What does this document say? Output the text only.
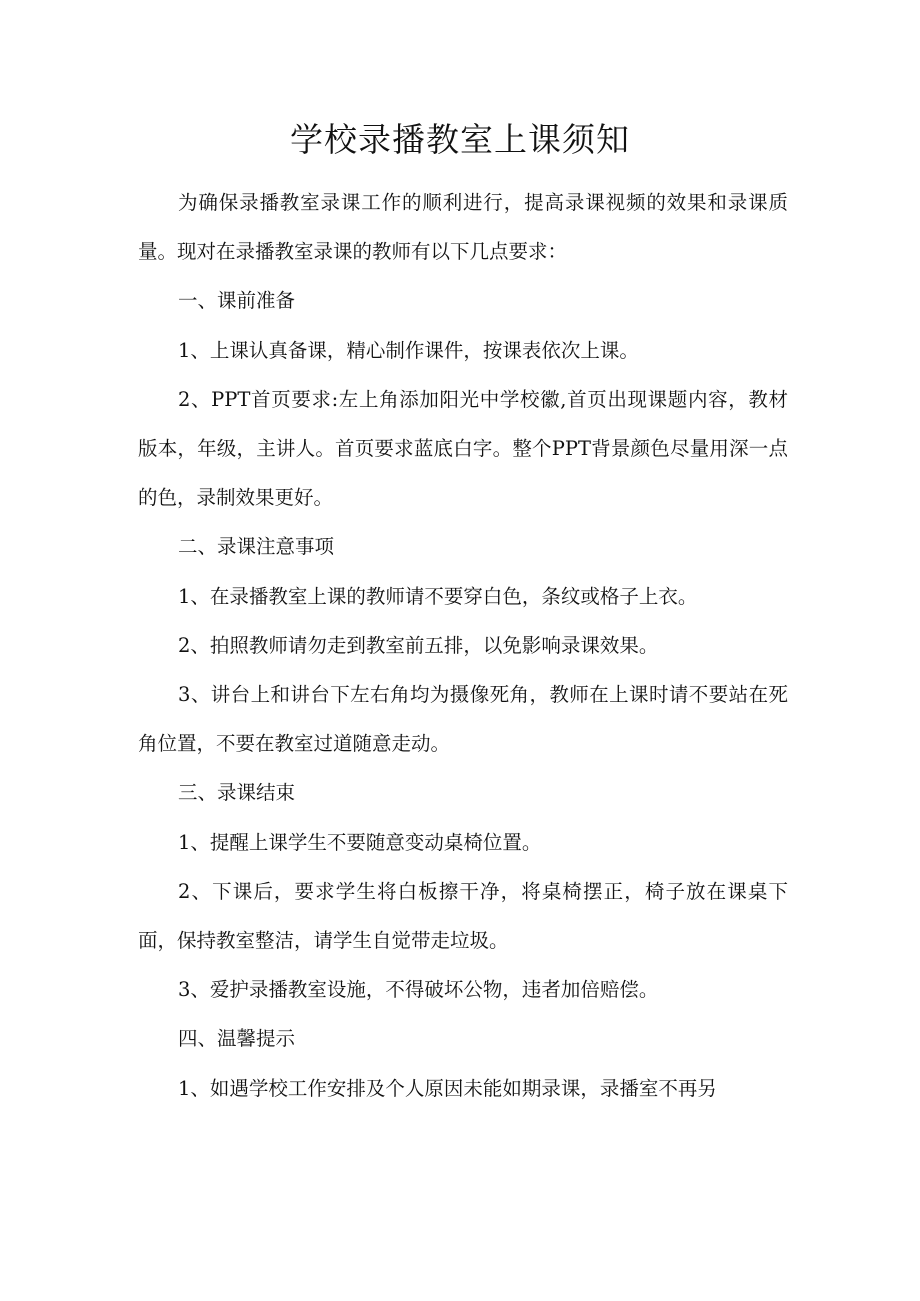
学校录播教室上课须知

为确保录播教室录课工作的顺利进行，提高录课视频的效果和录课质量。现对在录播教室录课的教师有以下几点要求：

一、课前准备

1、上课认真备课，精心制作课件，按课表依次上课。

2、PPT首页要求:左上角添加阳光中学校徽,首页出现课题内容，教材版本，年级，主讲人。首页要求蓝底白字。整个PPT背景颜色尽量用深一点的色，录制效果更好。

二、录课注意事项

1、在录播教室上课的教师请不要穿白色，条纹或格子上衣。

2、拍照教师请勿走到教室前五排，以免影响录课效果。

3、讲台上和讲台下左右角均为摄像死角，教师在上课时请不要站在死角位置，不要在教室过道随意走动。

三、录课结束

1、提醒上课学生不要随意变动桌椅位置。

2、下课后，要求学生将白板擦干净，将桌椅摆正，椅子放在课桌下面，保持教室整洁，请学生自觉带走垃圾。

3、爱护录播教室设施，不得破坏公物，违者加倍赔偿。

四、温馨提示

1、如遇学校工作安排及个人原因未能如期录课，录播室不再另
